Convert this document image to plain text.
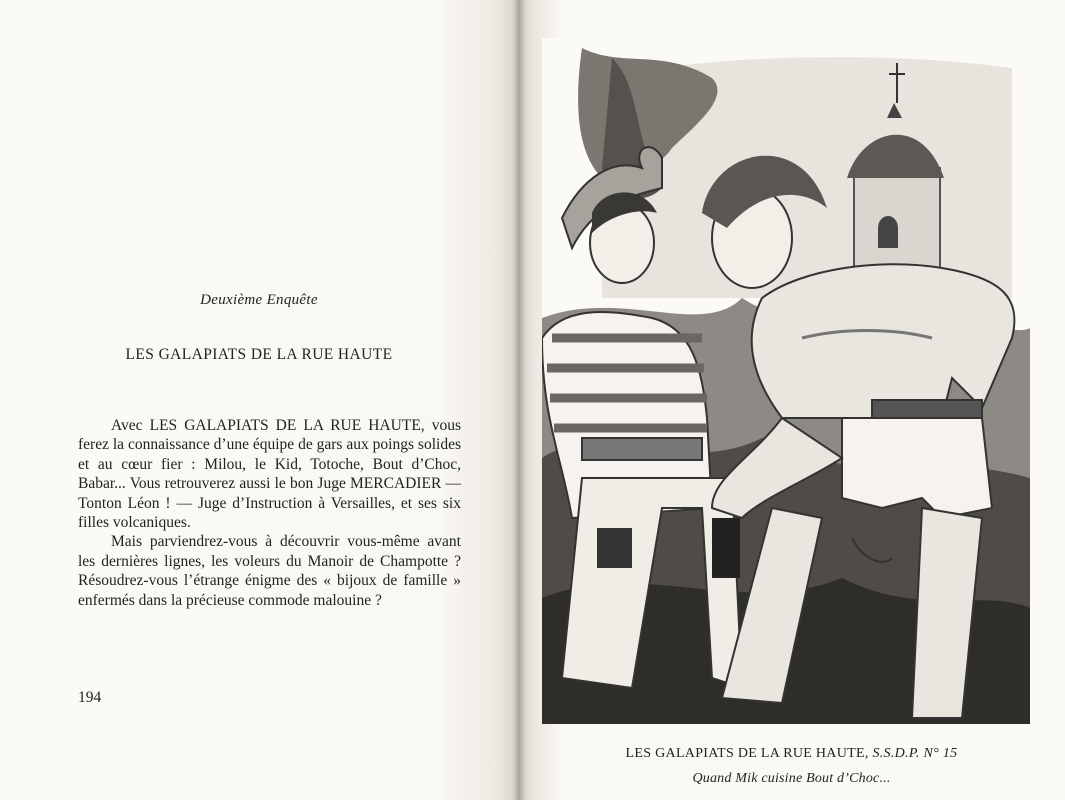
Deuxième Enquête
LES GALAPIATS DE LA RUE HAUTE

Avec LES GALAPIATS DE LA RUE HAUTE, vous ferez la connaissance d’une équipe de gars aux poings solides et au cœur fier : Milou, le Kid, Totoche, Bout d’Choc, Babar... Vous retrouverez aussi le bon Juge MERCADIER — Tonton Léon ! — Juge d’Instruction à Versailles, et ses six filles volcaniques.

Mais parviendrez-vous à découvrir vous-même avant les dernières lignes, les voleurs du Manoir de Champotte ? Résoudrez-vous l’étrange énigme des « bijoux de famille » enfermés dans la précieuse commode malouine ?

194
LES GALAPIATS DE LA RUE HAUTE, S.S.D.P. N° 15
Quand Mik cuisine Bout d’Choc...
